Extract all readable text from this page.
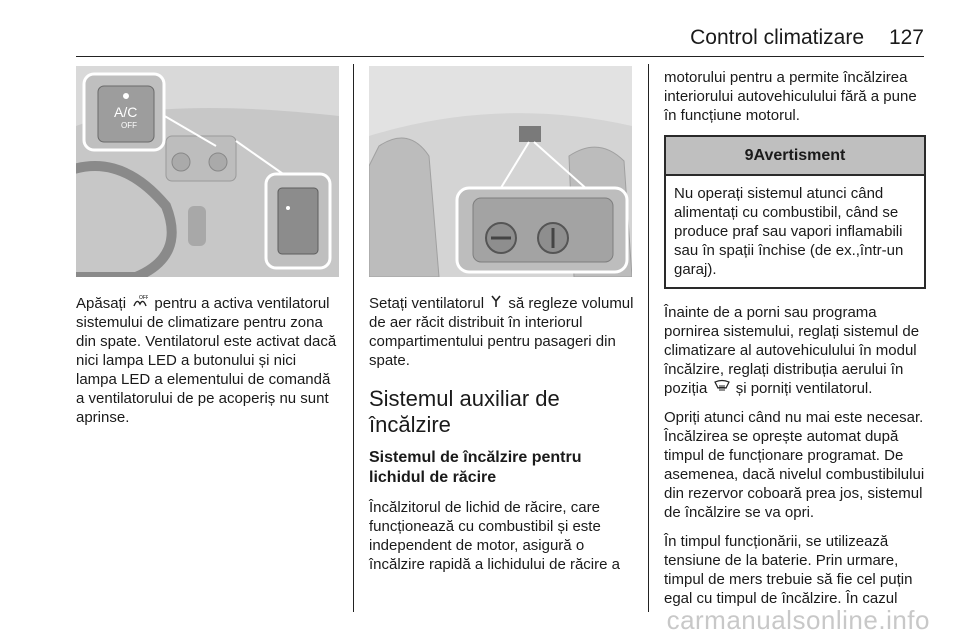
Control climatizare 127
A/C
OFF

Apăsați	OFF pentru a activa ventilatorul sistemului de climatizare pentru zona din spate. Ventilatorul este activat dacă nici lampa LED a butonului și nici lampa LED a elementului de comandă a ventilatorului de pe acoperiș nu sunt aprinse.

Setați ventilatorul să regleze volumul de aer răcit distribuit în interiorul compartimentului pentru pasageri din spate.

Sistemul auxiliar de încălzire
Sistemul de încălzire pentru lichidul de răcire

Încălzitorul de lichid de răcire, care funcționează cu combustibil și este independent de motor, asigură o încălzire rapidă a lichidului de răcire a

motorului pentru a permite încălzirea interiorului autovehiculului fără a pune în funcțiune motorul.

9Avertisment
Nu operați sistemul atunci când alimentați cu combustibil, când se produce praf sau vapori inflamabili sau în spații închise (de ex.,într-un garaj).

Înainte de a porni sau programa pornirea sistemului, reglați sistemul de climatizare al autovehiculului în modul încălzire, reglați distribuția aerului în poziția și porniți ventilatorul.

Opriți atunci când nu mai este necesar. Încălzirea se oprește automat după timpul de funcționare programat. De asemenea, dacă nivelul combustibilului din rezervor coboară prea jos, sistemul de încălzire se va opri.

În timpul funcționării, se utilizează tensiune de la baterie. Prin urmare, timpul de mers trebuie să fie cel puțin egal cu timpul de încălzire. În cazul

carmanualsonline.info
